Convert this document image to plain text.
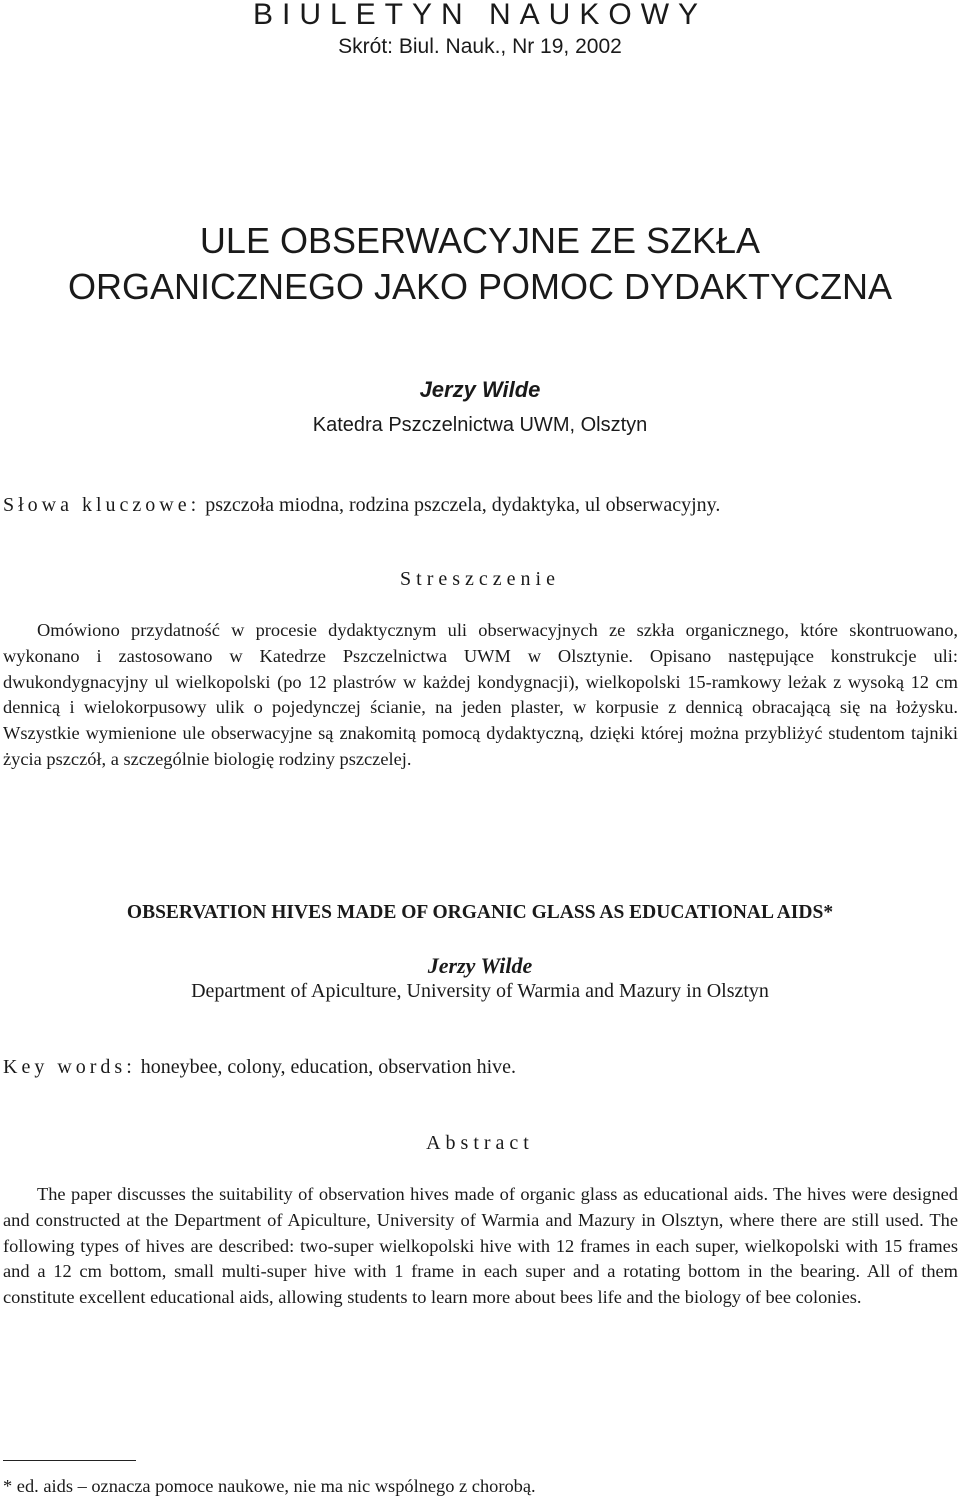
BIULETYN NAUKOWY
Skrót: Biul. Nauk., Nr 19, 2002
ULE OBSERWACYJNE ZE SZKŁA
ORGANICZNEGO JAKO POMOC DYDAKTYCZNA
Jerzy Wilde
Katedra Pszczelnictwa UWM, Olsztyn
Słowa kluczowe: pszczoła miodna, rodzina pszczela, dydaktyka, ul obserwacyjny.
Streszczenie

Omówiono przydatność w procesie dydaktycznym uli obserwacyjnych ze szkła organicznego, które skontruowano, wykonano i zastosowano w Katedrze Pszczelnictwa UWM w Olsztynie. Opisano następujące konstrukcje uli: dwukondygnacyjny ul wielkopolski (po 12 plastrów w każdej kondygnacji), wielkopolski 15-ramkowy leżak z wysoką 12 cm dennicą i wielokorpusowy ulik o pojedynczej ścianie, na jeden plaster, w korpusie z dennicą obracającą się na łożysku. Wszystkie wymienione ule obserwacyjne są znakomitą pomocą dydaktyczną, dzięki której można przybliżyć studentom tajniki życia pszczół, a szczególnie biologię rodziny pszczelej.

OBSERVATION HIVES MADE OF ORGANIC GLASS AS EDUCATIONAL AIDS*
Jerzy Wilde
Department of Apiculture, University of Warmia and Mazury in Olsztyn
Key words: honeybee, colony, education, observation hive.
Abstract

The paper discusses the suitability of observation hives made of organic glass as educational aids. The hives were designed and constructed at the Department of Apiculture, University of Warmia and Mazury in Olsztyn, where there are still used. The following types of hives are described: two-super wielkopolski hive with 12 frames in each super, wielkopolski with 15 frames and a 12 cm bottom, small multi-super hive with 1 frame in each super and a rotating bottom in the bearing. All of them constitute excellent educational aids, allowing students to learn more about bees life and the biology of bee colonies.

* ed. aids – oznacza pomoce naukowe, nie ma nic wspólnego z chorobą.
